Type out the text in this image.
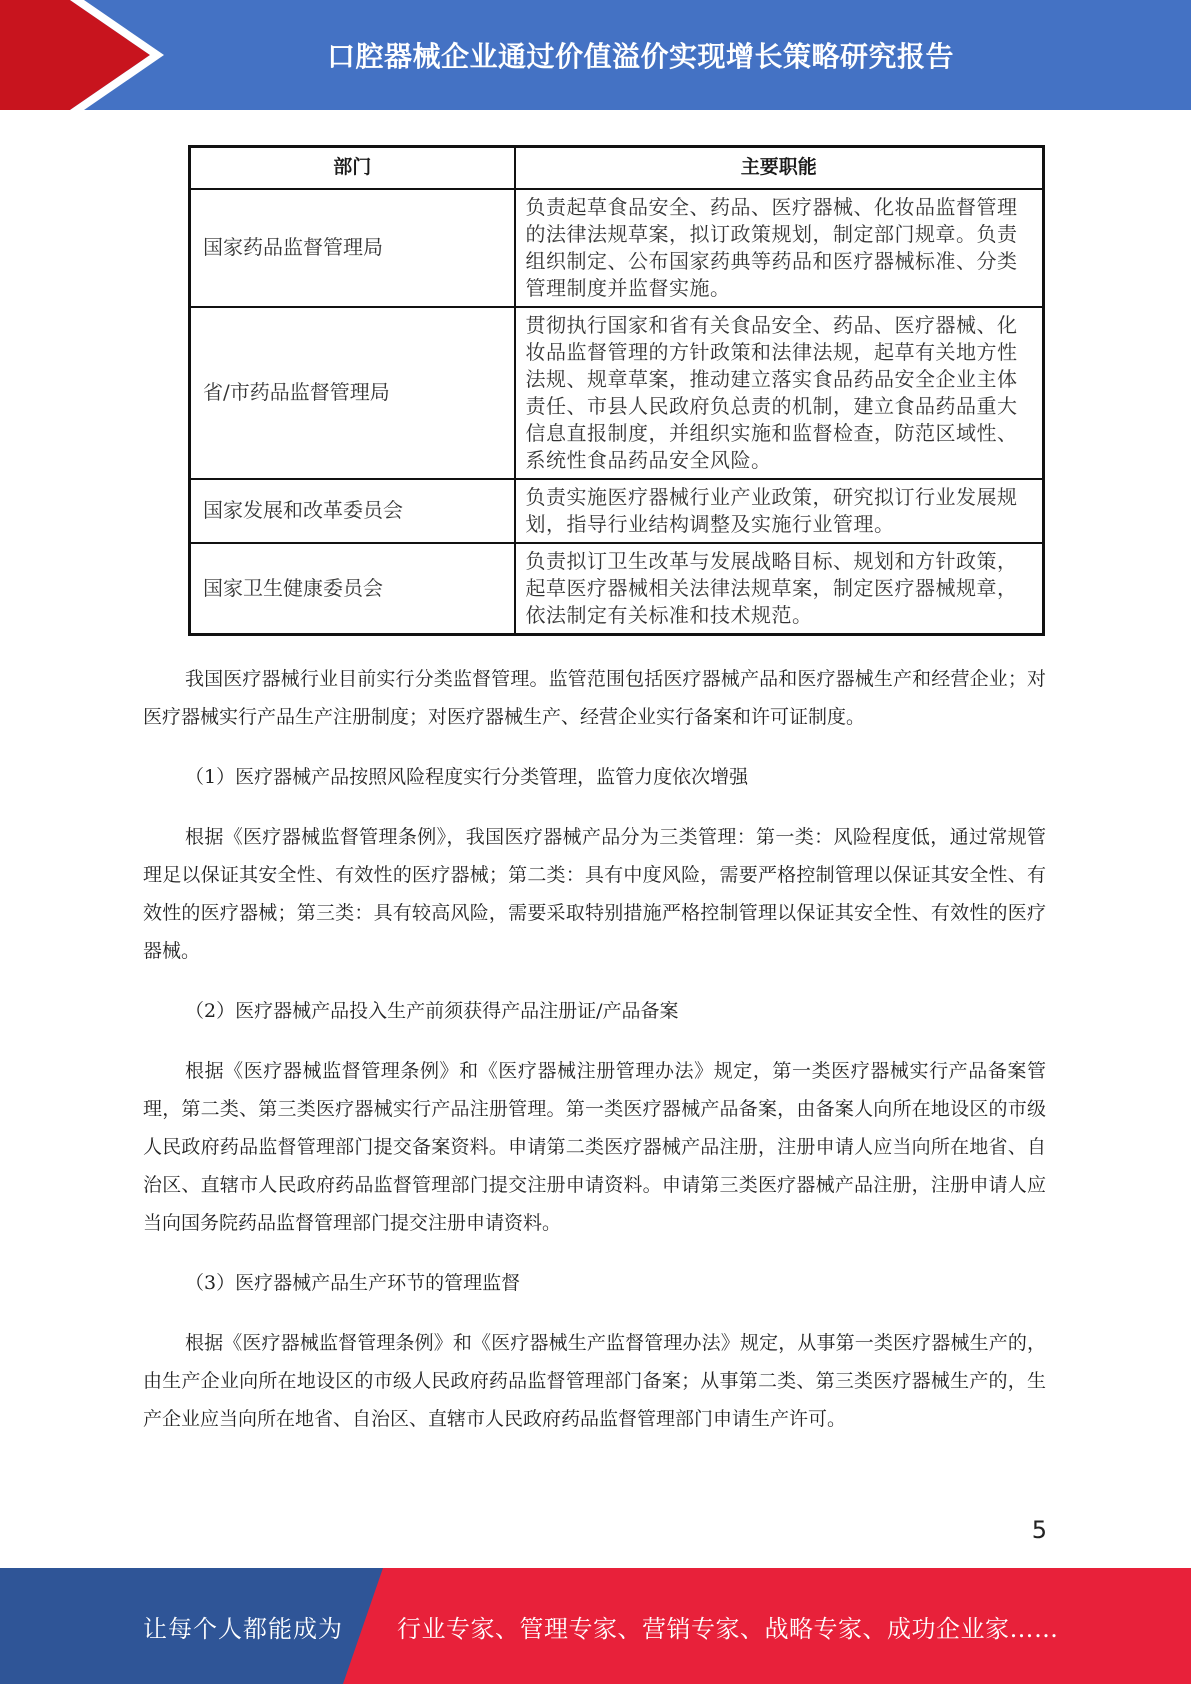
口腔器械企业通过价值溢价实现增长策略研究报告
部门	主要职能
国家药品监督管理局	负责起草食品安全、药品、医疗器械、化妆品监督管理的法律法规草案，拟订政策规划，制定部门规章。负责组织制定、公布国家药典等药品和医疗器械标准、分类管理制度并监督实施。
省/市药品监督管理局	贯彻执行国家和省有关食品安全、药品、医疗器械、化妆品监督管理的方针政策和法律法规，起草有关地方性法规、规章草案，推动建立落实食品药品安全企业主体责任、市县人民政府负总责的机制，建立食品药品重大信息直报制度，并组织实施和监督检查，防范区域性、系统性食品药品安全风险。
国家发展和改革委员会	负责实施医疗器械行业产业政策，研究拟订行业发展规划，指导行业结构调整及实施行业管理。
国家卫生健康委员会	负责拟订卫生改革与发展战略目标、规划和方针政策，起草医疗器械相关法律法规草案，制定医疗器械规章，依法制定有关标准和技术规范。

我国医疗器械行业目前实行分类监督管理。监管范围包括医疗器械产品和医疗器械生产和经营企业；对医疗器械实行产品生产注册制度；对医疗器械生产、经营企业实行备案和许可证制度。

（1）医疗器械产品按照风险程度实行分类管理，监管力度依次增强

根据《医疗器械监督管理条例》，我国医疗器械产品分为三类管理：第一类：风险程度低，通过常规管理足以保证其安全性、有效性的医疗器械；第二类：具有中度风险，需要严格控制管理以保证其安全性、有效性的医疗器械；第三类：具有较高风险，需要采取特别措施严格控制管理以保证其安全性、有效性的医疗器械。

（2）医疗器械产品投入生产前须获得产品注册证/产品备案

根据《医疗器械监督管理条例》和《医疗器械注册管理办法》规定，第一类医疗器械实行产品备案管理，第二类、第三类医疗器械实行产品注册管理。第一类医疗器械产品备案，由备案人向所在地设区的市级人民政府药品监督管理部门提交备案资料。申请第二类医疗器械产品注册，注册申请人应当向所在地省、自治区、直辖市人民政府药品监督管理部门提交注册申请资料。申请第三类医疗器械产品注册，注册申请人应当向国务院药品监督管理部门提交注册申请资料。

（3）医疗器械产品生产环节的管理监督

根据《医疗器械监督管理条例》和《医疗器械生产监督管理办法》规定，从事第一类医疗器械生产的，由生产企业向所在地设区的市级人民政府药品监督管理部门备案；从事第二类、第三类医疗器械生产的，生产企业应当向所在地省、自治区、直辖市人民政府药品监督管理部门申请生产许可。

5
让每个人都能成为 行业专家、管理专家、营销专家、战略专家、成功企业家……
